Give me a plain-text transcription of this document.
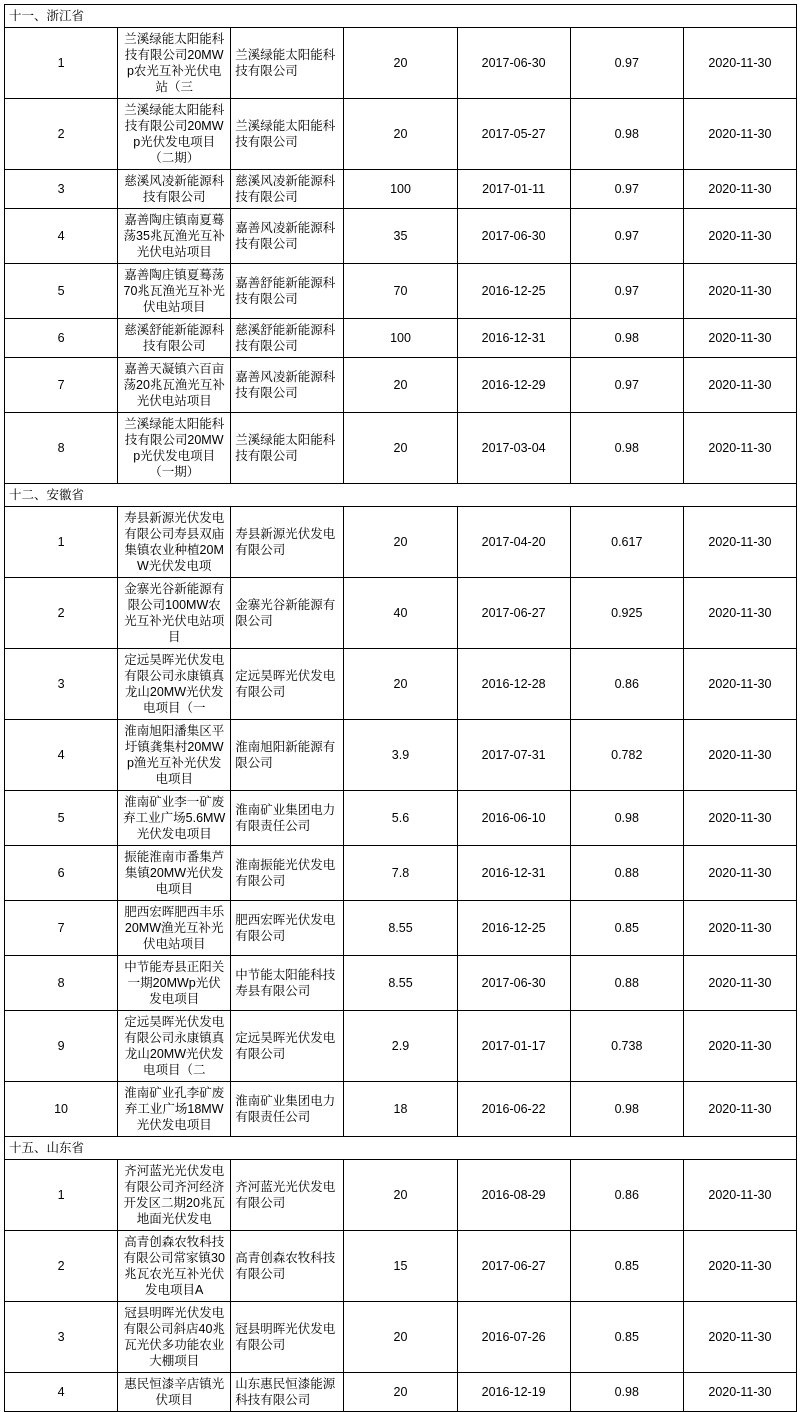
十一、浙江省						
1	兰溪绿能太阳能科技有限公司20MWp农光互补光伏电站（三	兰溪绿能太阳能科技有限公司	20	2017-06-30	0.97	2020-11-30
2	兰溪绿能太阳能科技有限公司20MWp光伏发电项目（二期）	兰溪绿能太阳能科技有限公司	20	2017-05-27	0.98	2020-11-30
3	慈溪风凌新能源科技有限公司	慈溪风凌新能源科技有限公司	100	2017-01-11	0.97	2020-11-30
4	嘉善陶庄镇南夏蓦荡35兆瓦渔光互补光伏电站项目	嘉善风凌新能源科技有限公司	35	2017-06-30	0.97	2020-11-30
5	嘉善陶庄镇夏蓦荡70兆瓦渔光互补光伏电站项目	嘉善舒能新能源科技有限公司	70	2016-12-25	0.97	2020-11-30
6	慈溪舒能新能源科技有限公司	慈溪舒能新能源科技有限公司	100	2016-12-31	0.98	2020-11-30
7	嘉善天凝镇六百亩荡20兆瓦渔光互补光伏电站项目	嘉善风凌新能源科技有限公司	20	2016-12-29	0.97	2020-11-30
8	兰溪绿能太阳能科技有限公司20MWp光伏发电项目（一期）	兰溪绿能太阳能科技有限公司	20	2017-03-04	0.98	2020-11-30
十二、安徽省						
1	寿县新源光伏发电有限公司寿县双庙集镇农业种植20MW光伏发电项	寿县新源光伏发电有限公司	20	2017-04-20	0.617	2020-11-30
2	金寨光谷新能源有限公司100MW农光互补光伏电站项目	金寨光谷新能源有限公司	40	2017-06-27	0.925	2020-11-30
3	定远昊晖光伏发电有限公司永康镇真龙山20MW光伏发电项目（一	定远昊晖光伏发电有限公司	20	2016-12-28	0.86	2020-11-30
4	淮南旭阳潘集区平圩镇龚集村20MWp渔光互补光伏发电项目	淮南旭阳新能源有限公司	3.9	2017-07-31	0.782	2020-11-30
5	淮南矿业李一矿废弃工业广场5.6MW光伏发电项目	淮南矿业集团电力有限责任公司	5.6	2016-06-10	0.98	2020-11-30
6	振能淮南市番集芦集镇20MW光伏发电项目	淮南振能光伏发电有限公司	7.8	2016-12-31	0.88	2020-11-30
7	肥西宏晖肥西丰乐20MW渔光互补光伏电站项目	肥西宏晖光伏发电有限公司	8.55	2016-12-25	0.85	2020-11-30
8	中节能寿县正阳关一期20MWp光伏发电项目	中节能太阳能科技寿县有限公司	8.55	2017-06-30	0.88	2020-11-30
9	定远昊晖光伏发电有限公司永康镇真龙山20MW光伏发电项目（二	定远昊晖光伏发电有限公司	2.9	2017-01-17	0.738	2020-11-30
10	淮南矿业孔李矿废弃工业广场18MW光伏发电项目	淮南矿业集团电力有限责任公司	18	2016-06-22	0.98	2020-11-30
十五、山东省						
1	齐河蓝光光伏发电有限公司齐河经济开发区二期20兆瓦地面光伏发电	齐河蓝光光伏发电有限公司	20	2016-08-29	0.86	2020-11-30
2	高青创森农牧科技有限公司常家镇30兆瓦农光互补光伏发电项目A	高青创森农牧科技有限公司	15	2017-06-27	0.85	2020-11-30
3	冠县明晖光伏发电有限公司斜店40兆瓦光伏多功能农业大棚项目	冠县明晖光伏发电有限公司	20	2016-07-26	0.85	2020-11-30
4	惠民恒漆辛店镇光伏项目	山东惠民恒漆能源科技有限公司	20	2016-12-19	0.98	2020-11-30
